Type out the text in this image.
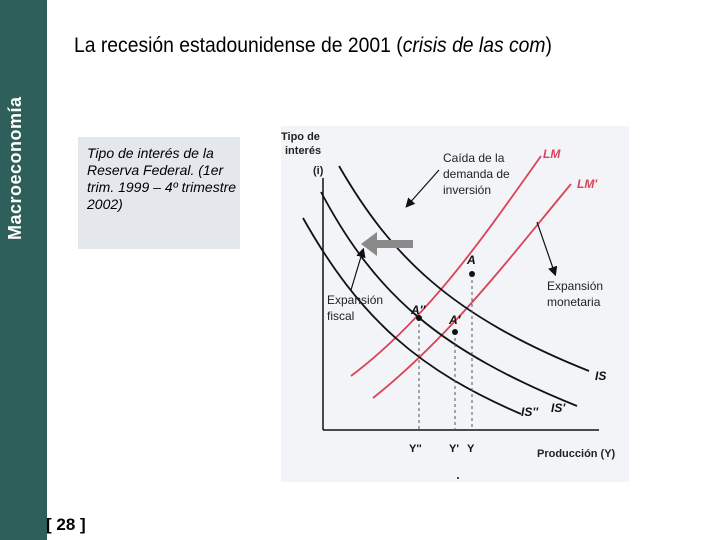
Macroeconomía
La recesión estadounidense de 2001 (crisis de las com)
Tipo de interés de la Reserva Federal. (1er trim. 1999 – 4º trimestre 2002)
Tipo de
interés
(i)
Producción (Y)
LM
LM'
IS
IS'
IS''
A
A'
A''
Y'' Y' Y
Caída de la
demanda de
inversión
Expansión
fiscal
Expansión
monetaria
[ 28 ]
